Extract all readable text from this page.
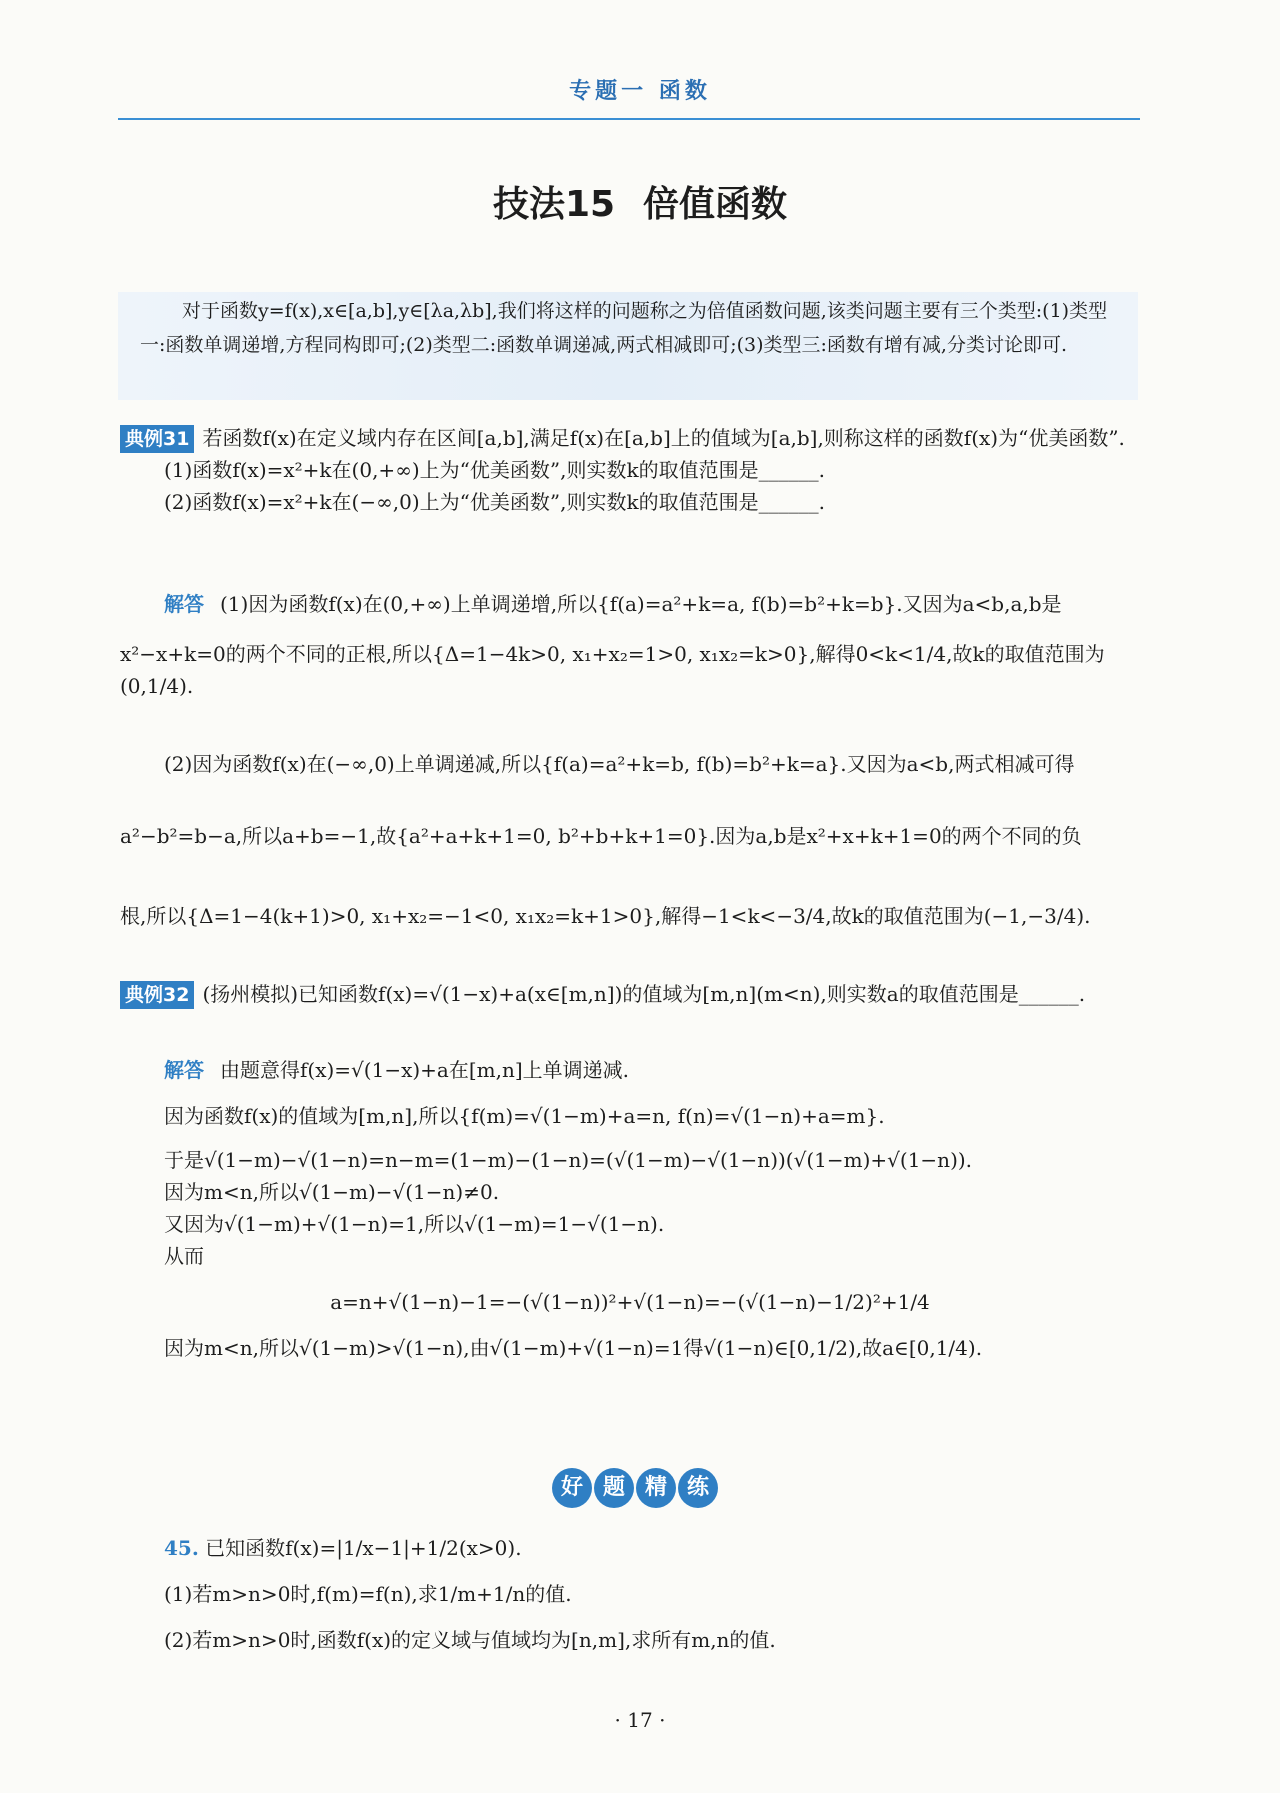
专题一 函数
技法15 倍值函数
对于函数y=f(x),x∈[a,b],y∈[λa,λb],我们将这样的问题称之为倍值函数问题,该类问题主要有三个类型:(1)类型一:函数单调递增,方程同构即可;(2)类型二:函数单调递减,两式相减即可;(3)类型三:函数有增有减,分类讨论即可.
典例31 若函数f(x)在定义域内存在区间[a,b],满足f(x)在[a,b]上的值域为[a,b],则称这样的函数f(x)为“优美函数”.
(1)函数f(x)=x²+k在(0,+∞)上为“优美函数”,则实数k的取值范围是______.
(2)函数f(x)=x²+k在(−∞,0)上为“优美函数”,则实数k的取值范围是______.
解答 (1)因为函数f(x)在(0,+∞)上单调递增,所以{f(a)=a²+k=a, f(b)=b²+k=b}.又因为a<b,a,b是
x²−x+k=0的两个不同的正根,所以{Δ=1−4k>0, x₁+x₂=1>0, x₁x₂=k>0},解得0<k<1/4,故k的取值范围为(0,1/4).
(2)因为函数f(x)在(−∞,0)上单调递减,所以{f(a)=a²+k=b, f(b)=b²+k=a}.又因为a<b,两式相减可得
a²−b²=b−a,所以a+b=−1,故{a²+a+k+1=0, b²+b+k+1=0}.因为a,b是x²+x+k+1=0的两个不同的负
根,所以{Δ=1−4(k+1)>0, x₁+x₂=−1<0, x₁x₂=k+1>0},解得−1<k<−3/4,故k的取值范围为(−1,−3/4).
典例32 (扬州模拟)已知函数f(x)=√(1−x)+a(x∈[m,n])的值域为[m,n](m<n),则实数a的取值范围是______.
解答 由题意得f(x)=√(1−x)+a在[m,n]上单调递减.
因为函数f(x)的值域为[m,n],所以{f(m)=√(1−m)+a=n, f(n)=√(1−n)+a=m}.
于是√(1−m)−√(1−n)=n−m=(1−m)−(1−n)=(√(1−m)−√(1−n))(√(1−m)+√(1−n)).
因为m<n,所以√(1−m)−√(1−n)≠0.
又因为√(1−m)+√(1−n)=1,所以√(1−m)=1−√(1−n).
从而
a=n+√(1−n)−1=−(√(1−n))²+√(1−n)=−(√(1−n)−1/2)²+1/4
因为m<n,所以√(1−m)>√(1−n),由√(1−m)+√(1−n)=1得√(1−n)∈[0,1/2),故a∈[0,1/4).
好 题 精 练
45. 已知函数f(x)=|1/x−1|+1/2(x>0).
(1)若m>n>0时,f(m)=f(n),求1/m+1/n的值.
(2)若m>n>0时,函数f(x)的定义域与值域均为[n,m],求所有m,n的值.
· 17 ·
